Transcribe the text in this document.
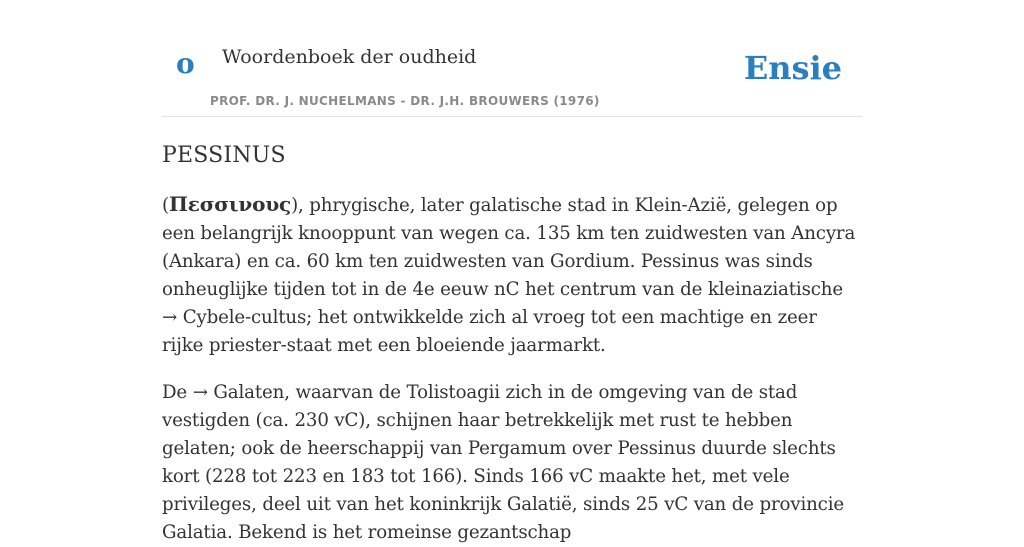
o Woordenboek der oudheid
PROF. DR. J. NUCHELMANS - DR. J.H. BROUWERS (1976)
Ensie
PESSINUS

(Πεσσινους), phrygische, later galatische stad in Klein-Azië, gelegen op een belangrijk knooppunt van wegen ca. 135 km ten zuidwesten van Ancyra (Ankara) en ca. 60 km ten zuidwesten van Gordium. Pessinus was sinds onheuglijke tijden tot in de 4e eeuw nC het centrum van de kleinaziatische → Cybele-cultus; het ontwikkelde zich al vroeg tot een machtige en zeer rijke priester-staat met een bloeiende jaarmarkt.

De → Galaten, waarvan de Tolistoagii zich in de omgeving van de stad vestigden (ca. 230 vC), schijnen haar betrekkelijk met rust te hebben gelaten; ook de heerschappij van Pergamum over Pessinus duurde slechts kort (228 tot 223 en 183 tot 166). Sinds 166 vC maakte het, met vele privileges, deel uit van het koninkrijk Galatië, sinds 25 vC van de provincie Galatia. Bekend is het romeinse gezantschap
